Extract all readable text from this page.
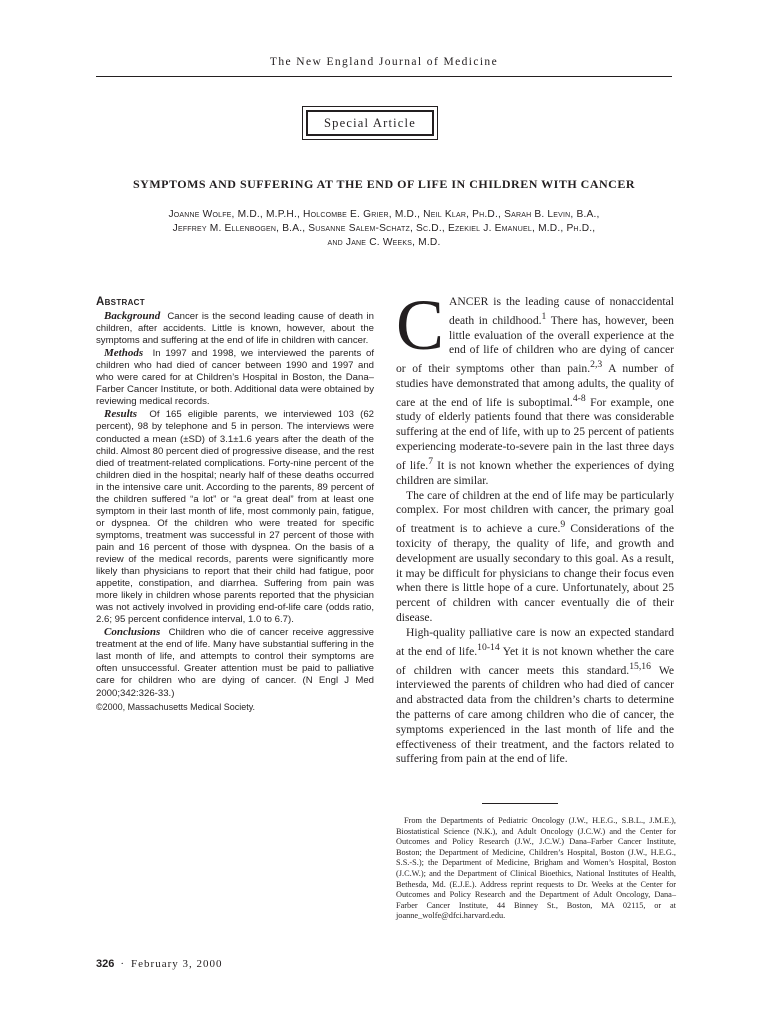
The New England Journal of Medicine
Special Article
SYMPTOMS AND SUFFERING AT THE END OF LIFE IN CHILDREN WITH CANCER
Joanne Wolfe, M.D., M.P.H., Holcombe E. Grier, M.D., Neil Klar, Ph.D., Sarah B. Levin, B.A.,
Jeffrey M. Ellenbogen, B.A., Susanne Salem-Schatz, Sc.D., Ezekiel J. Emanuel, M.D., Ph.D.,
and Jane C. Weeks, M.D.
Abstract

Background Cancer is the second leading cause of death in children, after accidents. Little is known, however, about the symptoms and suffering at the end of life in children with cancer.

Methods In 1997 and 1998, we interviewed the parents of children who had died of cancer between 1990 and 1997 and who were cared for at Children’s Hospital in Boston, the Dana–Farber Cancer Institute, or both. Additional data were obtained by reviewing medical records.

Results Of 165 eligible parents, we interviewed 103 (62 percent), 98 by telephone and 5 in person. The interviews were conducted a mean (±SD) of 3.1±1.6 years after the death of the child. Almost 80 percent died of progressive disease, and the rest died of treatment-related complications. Forty-nine percent of the children died in the hospital; nearly half of these deaths occurred in the intensive care unit. According to the parents, 89 percent of the children suffered “a lot” or “a great deal” from at least one symptom in their last month of life, most commonly pain, fatigue, or dyspnea. Of the children who were treated for specific symptoms, treatment was successful in 27 percent of those with pain and 16 percent of those with dyspnea. On the basis of a review of the medical records, parents were significantly more likely than physicians to report that their child had fatigue, poor appetite, constipation, and diarrhea. Suffering from pain was more likely in children whose parents reported that the physician was not actively involved in providing end-of-life care (odds ratio, 2.6; 95 percent confidence interval, 1.0 to 6.7).

Conclusions Children who die of cancer receive aggressive treatment at the end of life. Many have substantial suffering in the last month of life, and attempts to control their symptoms are often unsuccessful. Greater attention must be paid to palliative care for children who are dying of cancer. (N Engl J Med 2000;342:326-33.)

©2000, Massachusetts Medical Society.

CANCER is the leading cause of nonaccidental death in childhood.$^1$ There has, however, been little evaluation of the overall experience at the end of life of children who are dying of cancer or of their symptoms other than pain.$^{2,3}$ A number of studies have demonstrated that among adults, the quality of care at the end of life is suboptimal.$^{4-8}$ For example, one study of elderly patients found that there was considerable suffering at the end of life, with up to 25 percent of patients experiencing moderate-to-severe pain in the last three days of life.$^7$ It is not known whether the experiences of dying children are similar.

The care of children at the end of life may be particularly complex. For most children with cancer, the primary goal of treatment is to achieve a cure.$^9$ Considerations of the toxicity of therapy, the quality of life, and growth and development are usually secondary to this goal. As a result, it may be difficult for physicians to change their focus even when there is little hope of a cure. Unfortunately, about 25 percent of children with cancer eventually die of their disease.

High-quality palliative care is now an expected standard at the end of life.$^{10-14}$ Yet it is not known whether the care of children with cancer meets this standard.$^{15,16}$ We interviewed the parents of children who had died of cancer and abstracted data from the children’s charts to determine the patterns of care among children who die of cancer, the symptoms experienced in the last month of life and the effectiveness of their treatment, and the factors related to suffering from pain at the end of life.

From the Departments of Pediatric Oncology (J.W., H.E.G., S.B.L., J.M.E.), Biostatistical Science (N.K.), and Adult Oncology (J.C.W.) and the Center for Outcomes and Policy Research (J.W., J.C.W.) Dana–Farber Cancer Institute, Boston; the Department of Medicine, Children’s Hospital, Boston (J.W., H.E.G., S.S.-S.); the Department of Medicine, Brigham and Women’s Hospital, Boston (J.C.W.); and the Department of Clinical Bioethics, National Institutes of Health, Bethesda, Md. (E.J.E.). Address reprint requests to Dr. Weeks at the Center for Outcomes and Policy Research and the Department of Adult Oncology, Dana–Farber Cancer Institute, 44 Binney St., Boston, MA 02115, or at joanne_wolfe@dfci.harvard.edu.
326 · February 3, 2000
